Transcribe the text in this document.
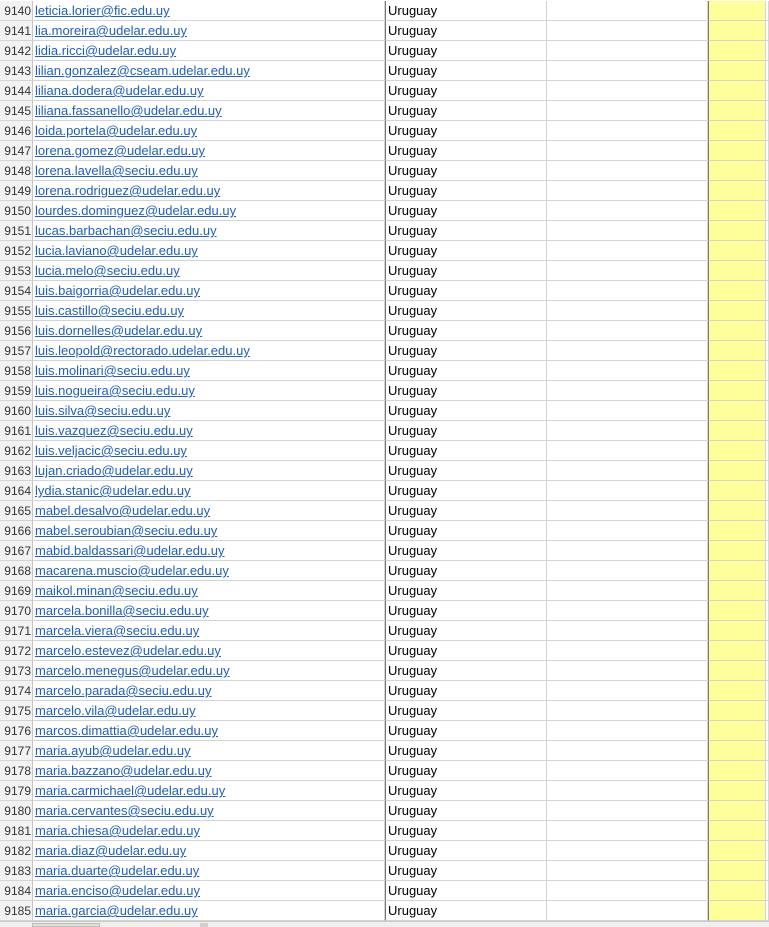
9140 leticia.lorier@fic.edu.uy	Uruguay
9141 lia.moreira@udelar.edu.uy	Uruguay
9142 lidia.ricci@udelar.edu.uy	Uruguay
9143 lilian.gonzalez@cseam.udelar.edu.uy	Uruguay
9144 liliana.dodera@udelar.edu.uy	Uruguay
9145 liliana.fassanello@udelar.edu.uy	Uruguay
9146 loida.portela@udelar.edu.uy	Uruguay
9147 lorena.gomez@udelar.edu.uy	Uruguay
9148 lorena.lavella@seciu.edu.uy	Uruguay
9149 lorena.rodriguez@udelar.edu.uy	Uruguay
9150 lourdes.dominguez@udelar.edu.uy	Uruguay
9151 lucas.barbachan@seciu.edu.uy	Uruguay
9152 lucia.laviano@udelar.edu.uy	Uruguay
9153 lucia.melo@seciu.edu.uy	Uruguay
9154 luis.baigorria@udelar.edu.uy	Uruguay
9155 luis.castillo@seciu.edu.uy	Uruguay
9156 luis.dornelles@udelar.edu.uy	Uruguay
9157 luis.leopold@rectorado.udelar.edu.uy	Uruguay
9158 luis.molinari@seciu.edu.uy	Uruguay
9159 luis.nogueira@seciu.edu.uy	Uruguay
9160 luis.silva@seciu.edu.uy	Uruguay
9161 luis.vazquez@seciu.edu.uy	Uruguay
9162 luis.veljacic@seciu.edu.uy	Uruguay
9163 lujan.criado@udelar.edu.uy	Uruguay
9164 lydia.stanic@udelar.edu.uy	Uruguay
9165 mabel.desalvo@udelar.edu.uy	Uruguay
9166 mabel.seroubian@seciu.edu.uy	Uruguay
9167 mabid.baldassari@udelar.edu.uy	Uruguay
9168 macarena.muscio@udelar.edu.uy	Uruguay
9169 maikol.minan@seciu.edu.uy	Uruguay
9170 marcela.bonilla@seciu.edu.uy	Uruguay
9171 marcela.viera@seciu.edu.uy	Uruguay
9172 marcelo.estevez@udelar.edu.uy	Uruguay
9173 marcelo.menegus@udelar.edu.uy	Uruguay
9174 marcelo.parada@seciu.edu.uy	Uruguay
9175 marcelo.vila@udelar.edu.uy	Uruguay
9176 marcos.dimattia@udelar.edu.uy	Uruguay
9177 maria.ayub@udelar.edu.uy	Uruguay
9178 maria.bazzano@udelar.edu.uy	Uruguay
9179 maria.carmichael@udelar.edu.uy	Uruguay
9180 maria.cervantes@seciu.edu.uy	Uruguay
9181 maria.chiesa@udelar.edu.uy	Uruguay
9182 maria.diaz@udelar.edu.uy	Uruguay
9183 maria.duarte@udelar.edu.uy	Uruguay
9184 maria.enciso@udelar.edu.uy	Uruguay
9185 maria.garcia@udelar.edu.uy	Uruguay
